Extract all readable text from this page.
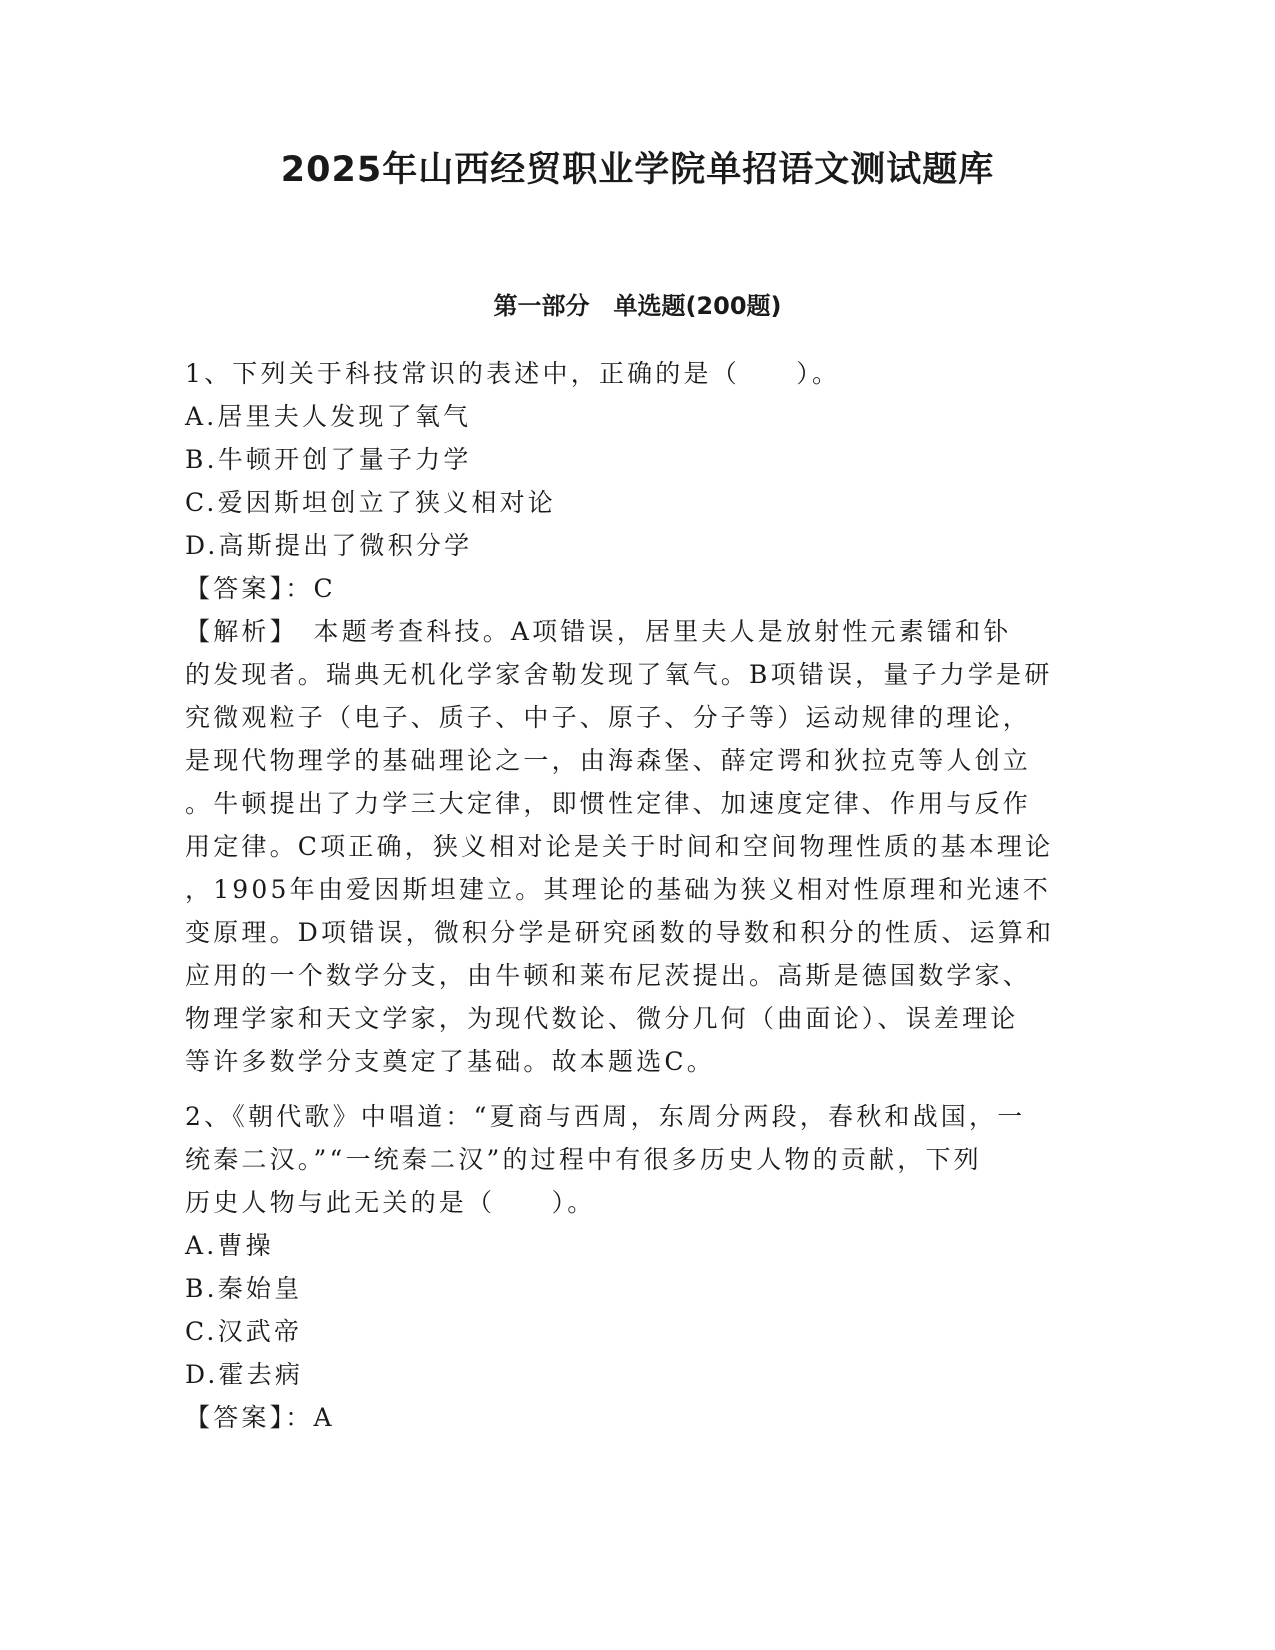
2025年山西经贸职业学院单招语文测试题库
第一部分　单选题(200题)
1、下列关于科技常识的表述中，正确的是（　　）。
A.居里夫人发现了氧气
B.牛顿开创了量子力学
C.爱因斯坦创立了狭义相对论
D.高斯提出了微积分学
【答案】：C
【解析】　本题考查科技。A项错误，居里夫人是放射性元素镭和钋
的发现者。瑞典无机化学家舍勒发现了氧气。B项错误，量子力学是研
究微观粒子（电子、质子、中子、原子、分子等）运动规律的理论，
是现代物理学的基础理论之一，由海森堡、薛定谔和狄拉克等人创立
。牛顿提出了力学三大定律，即惯性定律、加速度定律、作用与反作
用定律。C项正确，狭义相对论是关于时间和空间物理性质的基本理论
，1905年由爱因斯坦建立。其理论的基础为狭义相对性原理和光速不
变原理。D项错误，微积分学是研究函数的导数和积分的性质、运算和
应用的一个数学分支，由牛顿和莱布尼茨提出。高斯是德国数学家、
物理学家和天文学家，为现代数论、微分几何（曲面论）、误差理论
等许多数学分支奠定了基础。故本题选C。
2、《朝代歌》中唱道：“夏商与西周，东周分两段，春秋和战国，一
统秦二汉。”“一统秦二汉”的过程中有很多历史人物的贡献，下列
历史人物与此无关的是（　　）。
A.曹操
B.秦始皇
C.汉武帝
D.霍去病
【答案】：A
